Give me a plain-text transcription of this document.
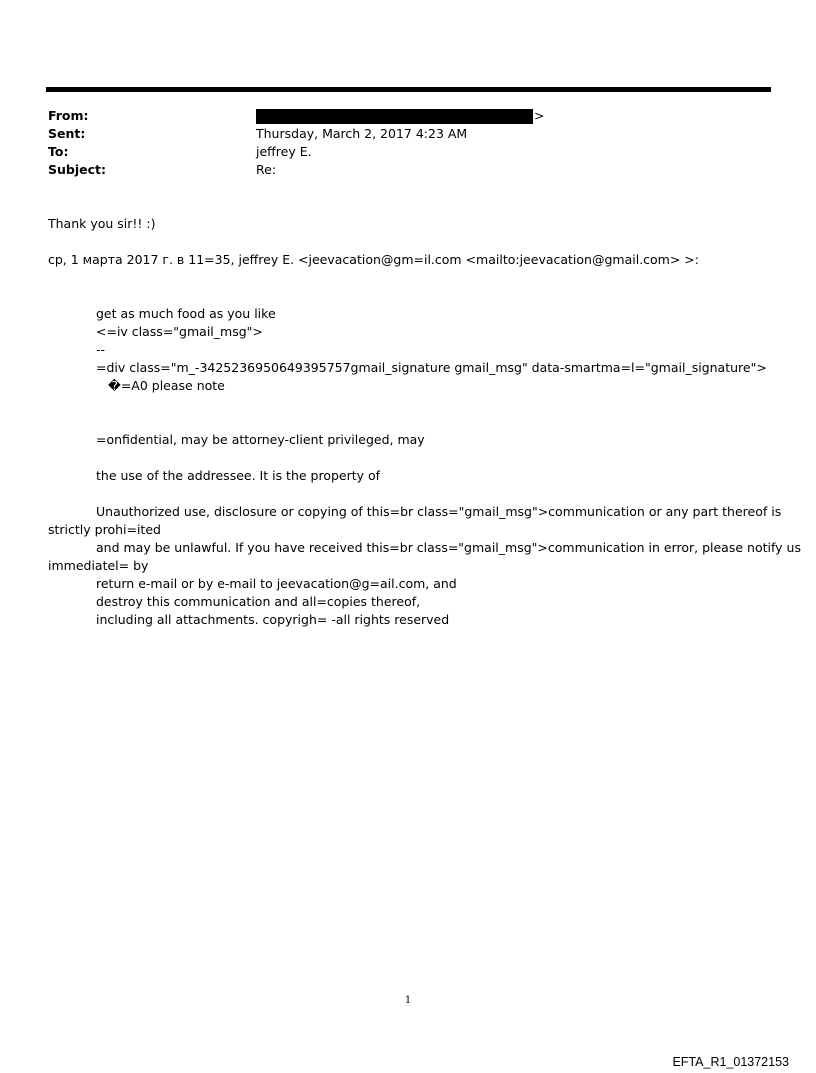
From:	>
Sent:	Thursday, March 2, 2017 4:23 AM
To:	jeffrey E.
Subject:	Re:
Thank you sir!! :)
ср, 1 марта 2017 г. в 11=35, jeffrey E. <jeevacation@gm=il.com <mailto:jeevacation@gmail.com> >:
get as much food as you like
<=iv class="gmail_msg">
--
=div class="m_-3425236950649395757gmail_signature gmail_msg" data-smartma=l="gmail_signature">
�=A0 please note
=onfidential, may be attorney-client privileged, may
the use of the addressee. It is the property of
Unauthorized use, disclosure or copying of this=br class="gmail_msg">communication or any part thereof is
strictly prohi=ited
and may be unlawful. If you have received this=br class="gmail_msg">communication in error, please notify us
immediatel= by
return e-mail or by e-mail to jeevacation@g=ail.com, and
destroy this communication and all=copies thereof,
including all attachments. copyrigh= -all rights reserved
1
EFTA_R1_01372153
